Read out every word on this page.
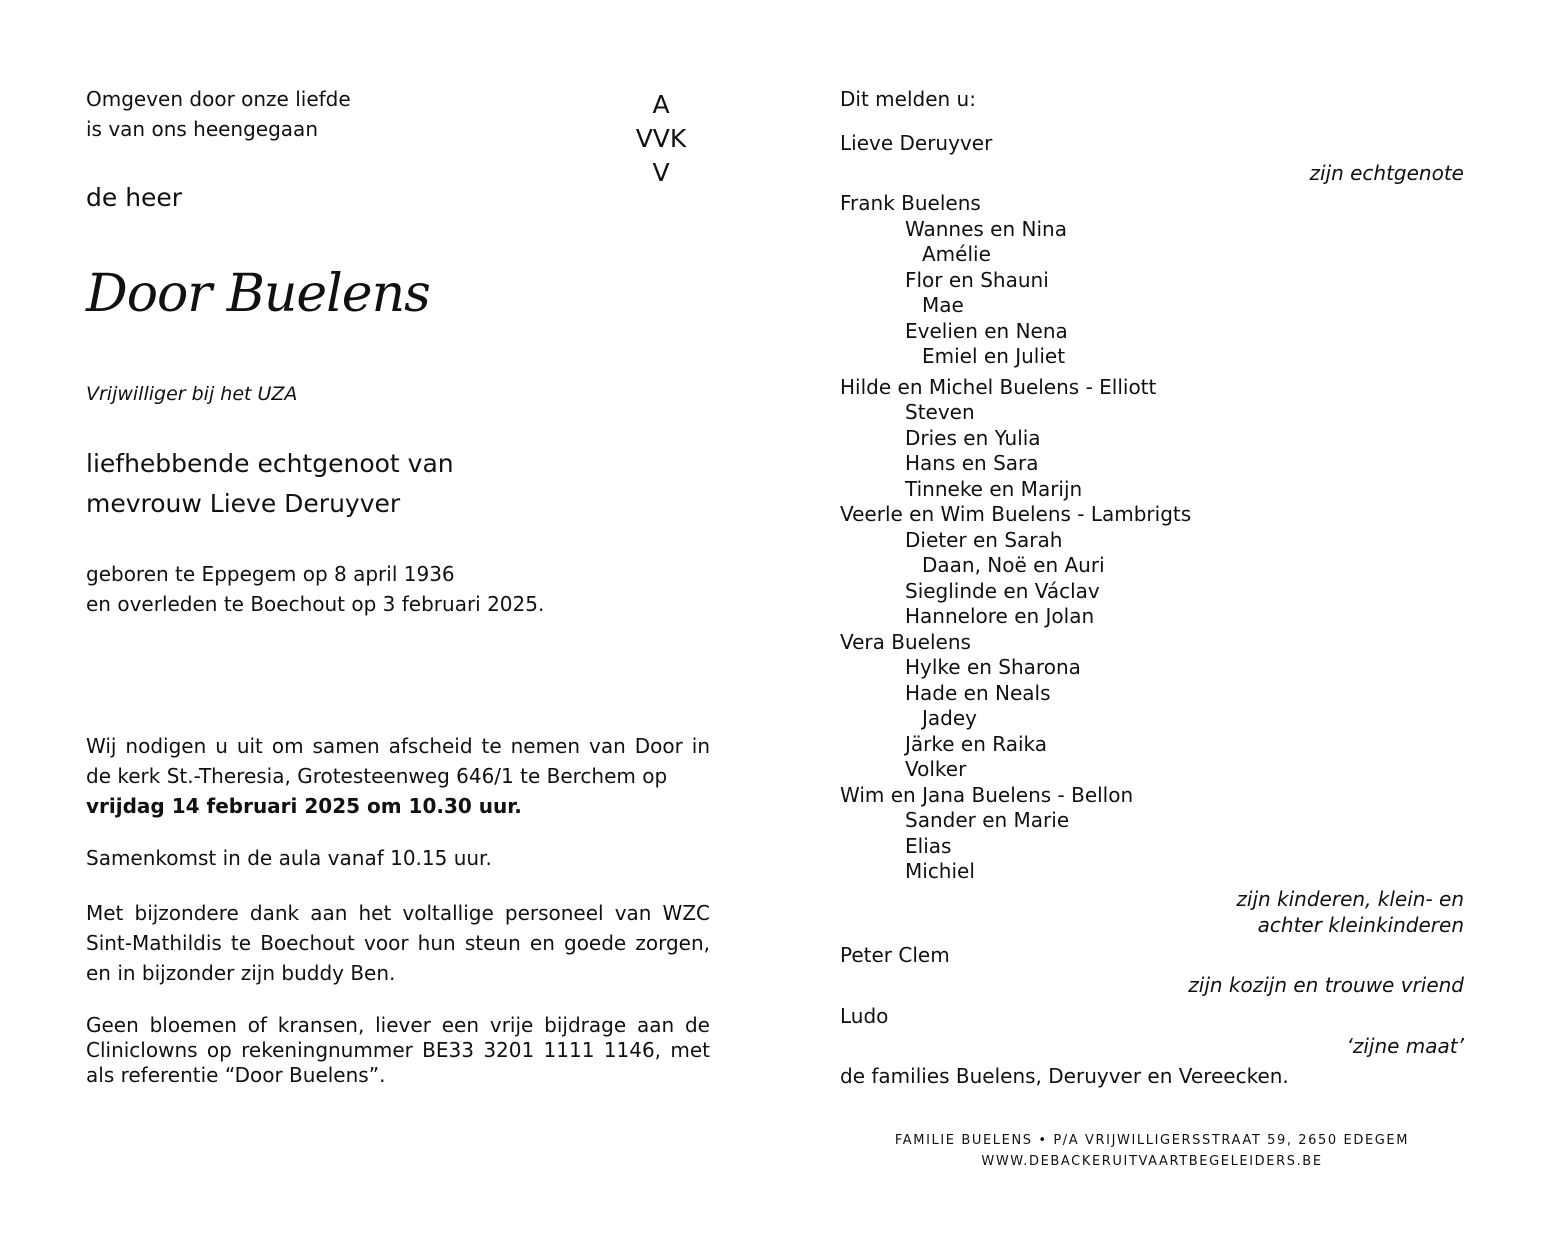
Omgeven door onze liefde
is van ons heengegaan
de heer
Door Buelens
Vrijwilliger bij het UZA
liefhebbende echtgenoot van
mevrouw Lieve Deruyver
geboren te Eppegem op 8 april 1936
en overleden te Boechout op 3 februari 2025.
Wij nodigen u uit om samen afscheid te nemen van Door in de kerk St.-Theresia, Grotesteenweg 646/1 te Berchem op
vrijdag 14 februari 2025 om 10.30 uur.
Samenkomst in de aula vanaf 10.15 uur.
Met bijzondere dank aan het voltallige personeel van WZC Sint-Mathildis te Boechout voor hun steun en goede zorgen, en in bijzonder zijn buddy Ben.
Geen bloemen of kransen, liever een vrije bijdrage aan de Cliniclowns op rekeningnummer BE33 3201 1111 1146, met als referentie “Door Buelens”.
A
VVK
V
Dit melden u:
Lieve Deruyver
zijn echtgenote
Frank Buelens
Wannes en Nina
Amélie
Flor en Shauni
Mae
Evelien en Nena
Emiel en Juliet
Hilde en Michel Buelens - Elliott
Steven
Dries en Yulia
Hans en Sara
Tinneke en Marijn
Veerle en Wim Buelens - Lambrigts
Dieter en Sarah
Daan, Noë en Auri
Sieglinde en Václav
Hannelore en Jolan
Vera Buelens
Hylke en Sharona
Hade en Neals
Jadey
Järke en Raika
Volker
Wim en Jana Buelens - Bellon
Sander en Marie
Elias
Michiel
zijn kinderen, klein- en
achter kleinkinderen
Peter Clem
zijn kozijn en trouwe vriend
Ludo
‘zijne maat’
de families Buelens, Deruyver en Vereecken.
FAMILIE BUELENS • P/A VRIJWILLIGERSSTRAAT 59, 2650 EDEGEM
WWW.DEBACKERUITVAARTBEGELEIDERS.BE
